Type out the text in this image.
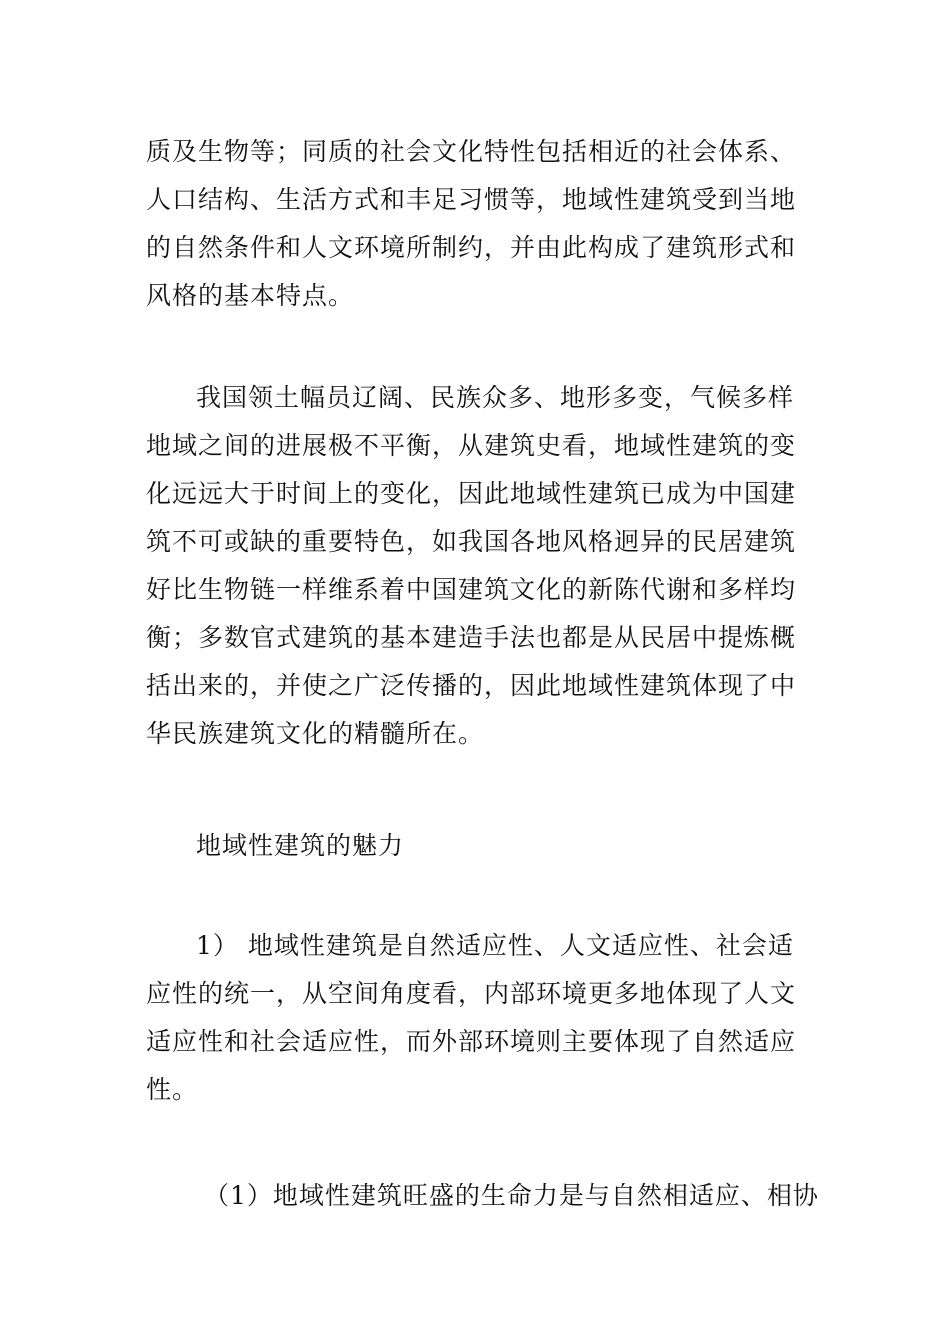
质及生物等；同质的社会文化特性包括相近的社会体系、
人口结构、生活方式和丰足习惯等，地域性建筑受到当地
的自然条件和人文环境所制约，并由此构成了建筑形式和
风格的基本特点。
我国领土幅员辽阔、民族众多、地形多变，气候多样
地域之间的进展极不平衡，从建筑史看，地域性建筑的变
化远远大于时间上的变化，因此地域性建筑已成为中国建
筑不可或缺的重要特色，如我国各地风格迥异的民居建筑
好比生物链一样维系着中国建筑文化的新陈代谢和多样均
衡；多数官式建筑的基本建造手法也都是从民居中提炼概
括出来的，并使之广泛传播的，因此地域性建筑体现了中
华民族建筑文化的精髓所在。
地域性建筑的魅力
1） 地域性建筑是自然适应性、人文适应性、社会适
应性的统一，从空间角度看，内部环境更多地体现了人文
适应性和社会适应性，而外部环境则主要体现了自然适应
性。
（1）地域性建筑旺盛的生命力是与自然相适应、相协
